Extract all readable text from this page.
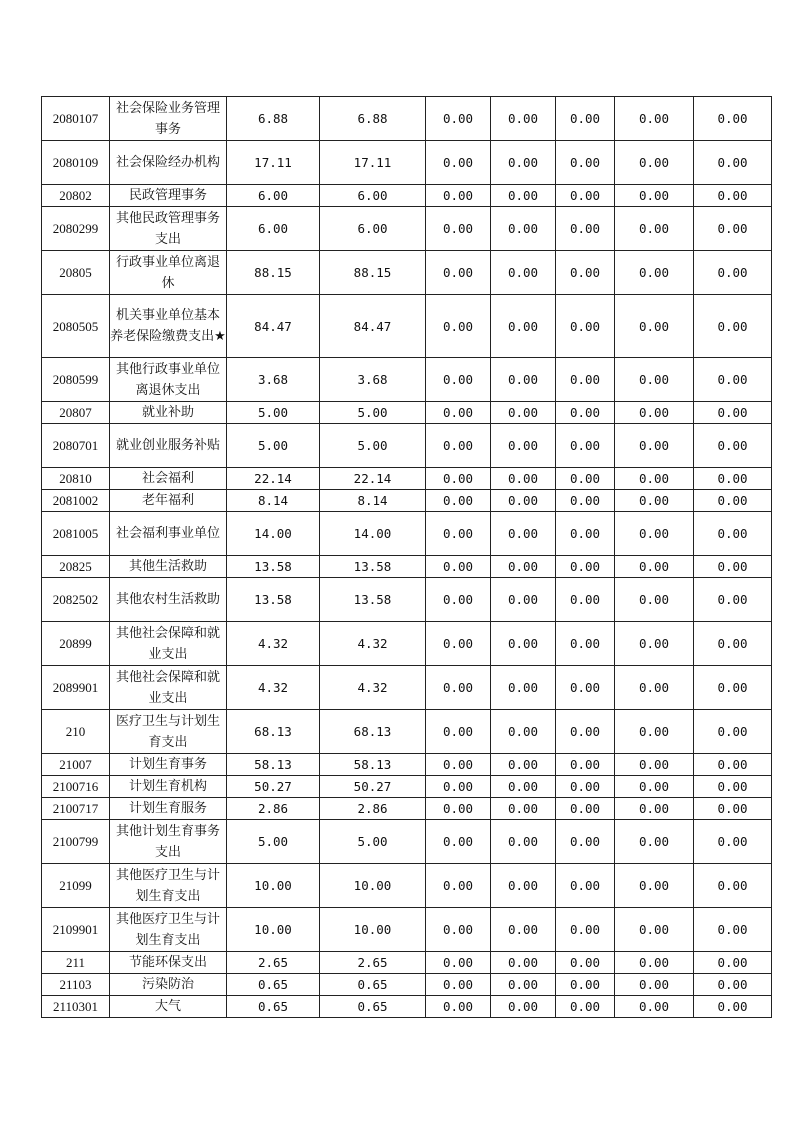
2080107	社会保险业务管理事务	6.88	6.88	0.00	0.00	0.00	0.00	0.00
2080109	社会保险经办机构	17.11	17.11	0.00	0.00	0.00	0.00	0.00
20802	民政管理事务	6.00	6.00	0.00	0.00	0.00	0.00	0.00
2080299	其他民政管理事务支出	6.00	6.00	0.00	0.00	0.00	0.00	0.00
20805	行政事业单位离退休	88.15	88.15	0.00	0.00	0.00	0.00	0.00
2080505	机关事业单位基本养老保险缴费支出★	84.47	84.47	0.00	0.00	0.00	0.00	0.00
2080599	其他行政事业单位离退休支出	3.68	3.68	0.00	0.00	0.00	0.00	0.00
20807	就业补助	5.00	5.00	0.00	0.00	0.00	0.00	0.00
2080701	就业创业服务补贴	5.00	5.00	0.00	0.00	0.00	0.00	0.00
20810	社会福利	22.14	22.14	0.00	0.00	0.00	0.00	0.00
2081002	老年福利	8.14	8.14	0.00	0.00	0.00	0.00	0.00
2081005	社会福利事业单位	14.00	14.00	0.00	0.00	0.00	0.00	0.00
20825	其他生活救助	13.58	13.58	0.00	0.00	0.00	0.00	0.00
2082502	其他农村生活救助	13.58	13.58	0.00	0.00	0.00	0.00	0.00
20899	其他社会保障和就业支出	4.32	4.32	0.00	0.00	0.00	0.00	0.00
2089901	其他社会保障和就业支出	4.32	4.32	0.00	0.00	0.00	0.00	0.00
210	医疗卫生与计划生育支出	68.13	68.13	0.00	0.00	0.00	0.00	0.00
21007	计划生育事务	58.13	58.13	0.00	0.00	0.00	0.00	0.00
2100716	计划生育机构	50.27	50.27	0.00	0.00	0.00	0.00	0.00
2100717	计划生育服务	2.86	2.86	0.00	0.00	0.00	0.00	0.00
2100799	其他计划生育事务支出	5.00	5.00	0.00	0.00	0.00	0.00	0.00
21099	其他医疗卫生与计划生育支出	10.00	10.00	0.00	0.00	0.00	0.00	0.00
2109901	其他医疗卫生与计划生育支出	10.00	10.00	0.00	0.00	0.00	0.00	0.00
211	节能环保支出	2.65	2.65	0.00	0.00	0.00	0.00	0.00
21103	污染防治	0.65	0.65	0.00	0.00	0.00	0.00	0.00
2110301	大气	0.65	0.65	0.00	0.00	0.00	0.00	0.00
